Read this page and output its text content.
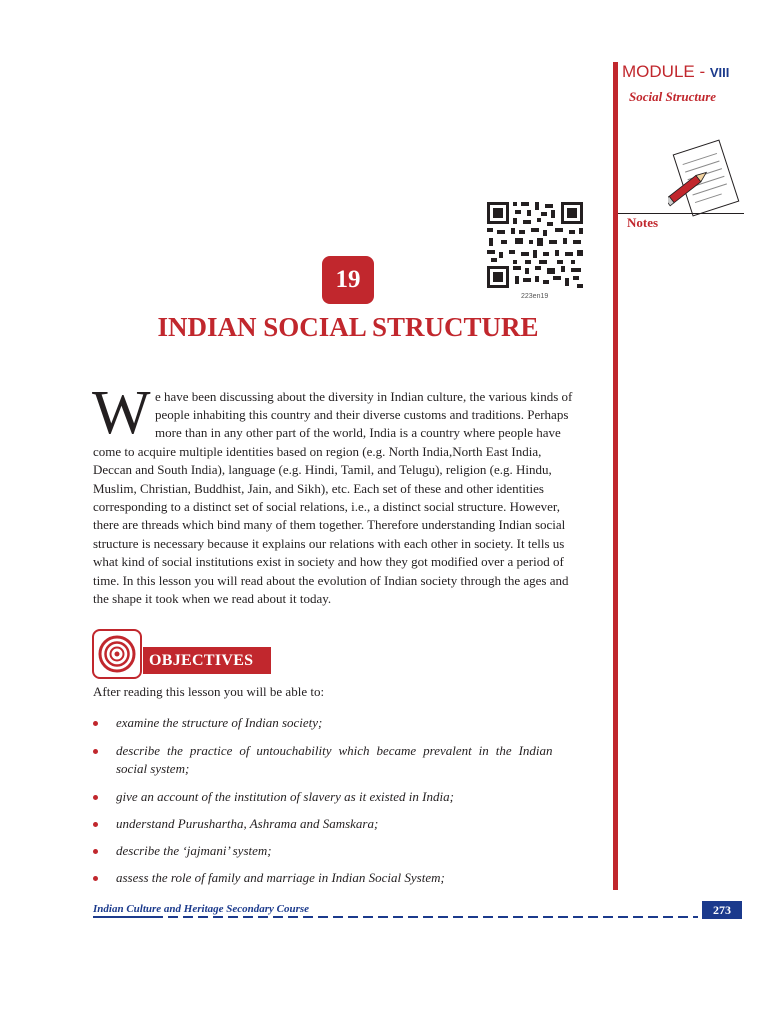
MODULE - VIII
Social Structure
Notes
223en19
19
INDIAN SOCIAL STRUCTURE
W e have been discussing about the diversity in Indian culture, the various kinds of
people inhabiting this country and their diverse customs and traditions. Perhaps
more than in any other part of the world, India is a country where people have
come to acquire multiple identities based on region (e.g. North India,North East India,
Deccan and South India), language (e.g. Hindi, Tamil, and Telugu), religion (e.g. Hindu,
Muslim, Christian, Buddhist, Jain, and Sikh), etc. Each set of these and other identities
corresponding to a distinct set of social relations, i.e., a distinct social structure. However,
there are threads which bind many of them together. Therefore understanding Indian social
structure is necessary because it explains our relations with each other in society. It tells us
what kind of social institutions exist in society and how they got modified over a period of
time. In this lesson you will read about the evolution of Indian society through the ages and
the shape it took when we read about it today.
OBJECTIVES
After reading this lesson you will be able to:
examine the structure of Indian society;
describe the practice of untouchability which became prevalent in the Indian
social system;
give an account of the institution of slavery as it existed in India;
understand Purushartha, Ashrama and Samskara;
describe the ‘jajmani’ system;
assess the role of family and marriage in Indian Social System;
Indian Culture and Heritage Secondary Course	273
